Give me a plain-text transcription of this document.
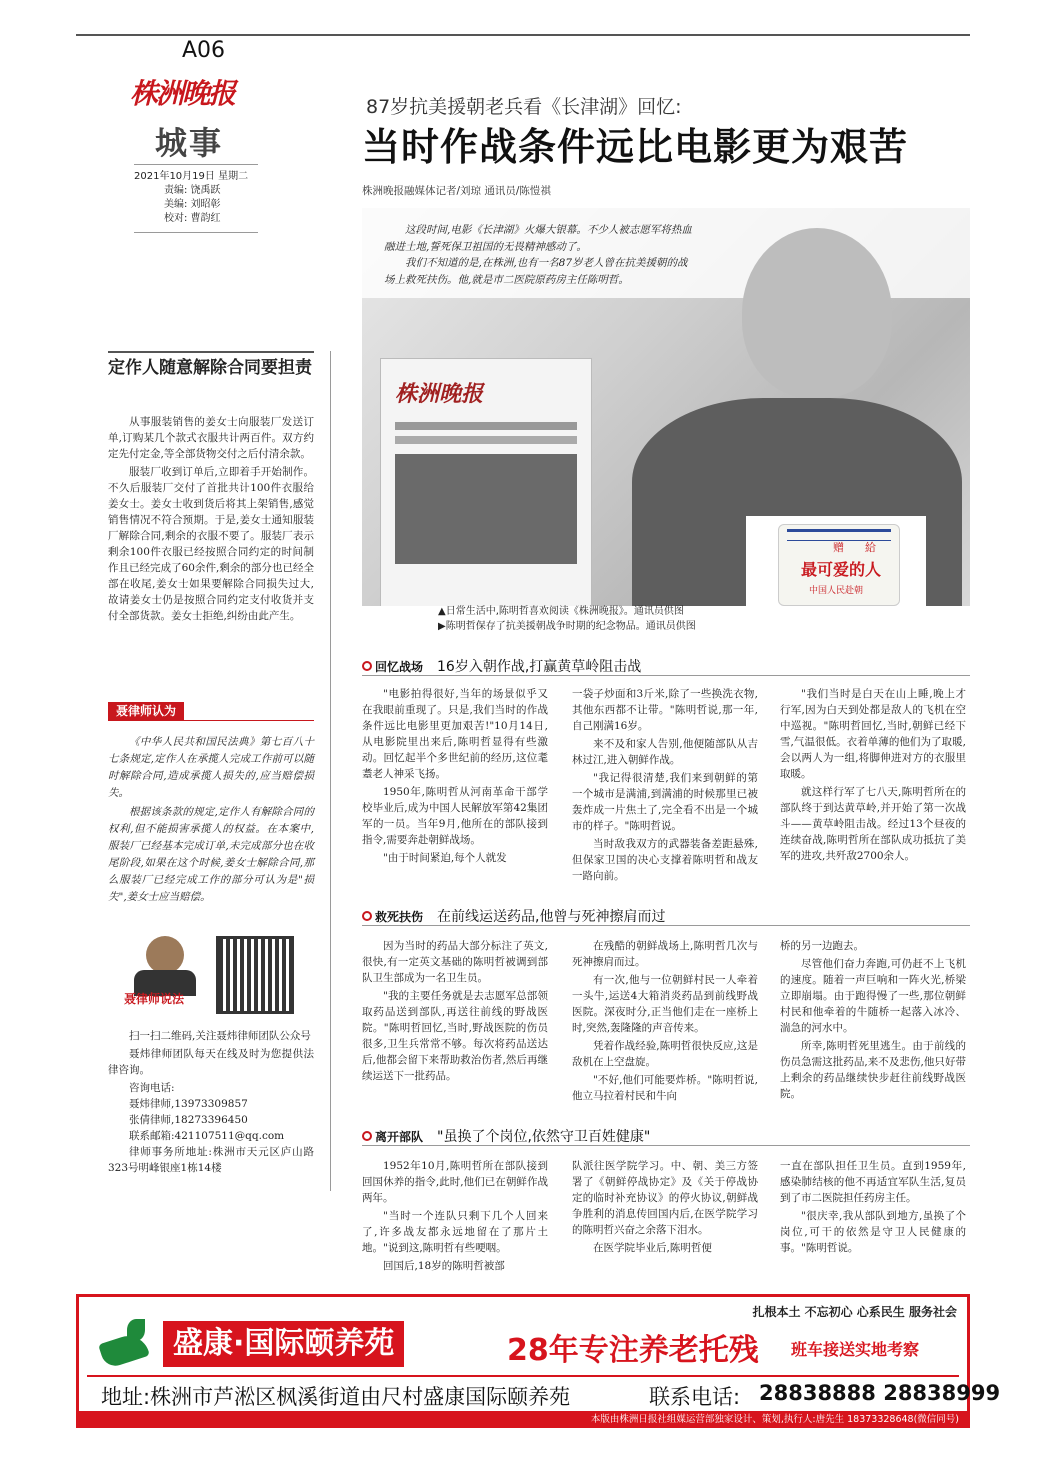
A06
株洲晚报
城事
2021年10月19日 星期二
责编: 饶禹跃
美编: 刘昭彰
校对: 曹韵红
87岁抗美援朝老兵看《长津湖》回忆:
当时作战条件远比电影更为艰苦
株洲晚报融媒体记者/刘琼 通讯员/陈愷祺
株洲晚报
赠 給
最可爱的人
中国人民赴朝

这段时间,电影《长津湖》火爆大银幕。不少人被志愿军将热血融进土地,誓死保卫祖国的无畏精神感动了。

我们不知道的是,在株洲,也有一名87岁老人曾在抗美援朝的战场上救死扶伤。他,就是市二医院原药房主任陈明哲。

▲日常生活中,陈明哲喜欢阅读《株洲晚报》。通讯员供图
▶陈明哲保存了抗美援朝战争时期的纪念物品。通讯员供图
定作人随意解除合同要担责

从事服装销售的姜女士向服装厂发送订单,订购某几个款式衣服共计两百件。双方约定先付定金,等全部货物交付之后付清余款。

服装厂收到订单后,立即着手开始制作。不久后服装厂交付了首批共计100件衣服给姜女士。姜女士收到货后将其上架销售,感觉销售情况不符合预期。于是,姜女士通知服装厂解除合同,剩余的衣服不要了。服装厂表示剩余100件衣服已经按照合同约定的时间制作且已经完成了60余件,剩余的部分也已经全部在收尾,姜女士如果要解除合同损失过大,故请姜女士仍是按照合同约定支付收货并支付全部货款。姜女士拒绝,纠纷由此产生。

聂律师认为

《中华人民共和国民法典》第七百八十七条规定,定作人在承揽人完成工作前可以随时解除合同,造成承揽人损失的,应当赔偿损失。

根据该条款的规定,定作人有解除合同的权利,但不能损害承揽人的权益。在本案中,服装厂已经基本完成订单,未完成部分也在收尾阶段,如果在这个时候,姜女士解除合同,那么服装厂已经完成工作的部分可认为是"损失",姜女士应当赔偿。

聂律师说法

扫一扫二维码,关注聂炜律师团队公众号

聂炜律师团队每天在线及时为您提供法律咨询。

咨询电话:

聂炜律师,13973309857

张倩律师,18273396450

联系邮箱:421107511@qq.com

律师事务所地址:株洲市天元区庐山路323号明峰银座1栋14楼

回忆战场 16岁入朝作战,打赢黄草岭阻击战

"电影拍得很好,当年的场景似乎又在我眼前重现了。只是,我们当时的作战条件远比电影里更加艰苦!"10月14日,从电影院里出来后,陈明哲显得有些激动。回忆起半个多世纪前的经历,这位耄耋老人神采飞扬。

1950年,陈明哲从河南革命干部学校毕业后,成为中国人民解放军第42集团军的一员。当年9月,他所在的部队接到指令,需要奔赴朝鲜战场。

"由于时间紧迫,每个人就发

一袋子炒面和3斤米,除了一些换洗衣物,其他东西都不让带。"陈明哲说,那一年,自己刚满16岁。

来不及和家人告别,他便随部队从吉林过江,进入朝鲜作战。

"我记得很清楚,我们来到朝鲜的第一个城市是满浦,到满浦的时候那里已被轰炸成一片焦土了,完全看不出是一个城市的样子。"陈明哲说。

当时敌我双方的武器装备差距悬殊,但保家卫国的决心支撑着陈明哲和战友一路向前。

"我们当时是白天在山上睡,晚上才行军,因为白天到处都是敌人的飞机在空中巡视。"陈明哲回忆,当时,朝鲜已经下雪,气温很低。衣着单薄的他们为了取暖,会以两人为一组,将脚伸进对方的衣服里取暖。

就这样行军了七八天,陈明哲所在的部队终于到达黄草岭,并开始了第一次战斗——黄草岭阻击战。经过13个昼夜的连续奋战,陈明哲所在部队成功抵抗了美军的进攻,共歼敌2700余人。

救死扶伤 在前线运送药品,他曾与死神擦肩而过

因为当时的药品大部分标注了英文,很快,有一定英文基础的陈明哲被调到部队卫生部成为一名卫生员。

"我的主要任务就是去志愿军总部领取药品送到部队,再送往前线的野战医院。"陈明哲回忆,当时,野战医院的伤员很多,卫生兵常常不够。每次将药品送达后,他都会留下来帮助救治伤者,然后再继续运送下一批药品。

在残酷的朝鲜战场上,陈明哲几次与死神擦肩而过。

有一次,他与一位朝鲜村民一人牵着一头牛,运送4大箱消炎药品到前线野战医院。深夜时分,正当他们走在一座桥上时,突然,轰隆隆的声音传来。

凭着作战经验,陈明哲很快反应,这是敌机在上空盘旋。

"不好,他们可能要炸桥。"陈明哲说,他立马拉着村民和牛向

桥的另一边跑去。

尽管他们奋力奔跑,可仍赶不上飞机的速度。随着一声巨响和一阵火光,桥梁立即崩塌。由于跑得慢了一些,那位朝鲜村民和他牵着的牛随桥一起落入冰冷、湍急的河水中。

所幸,陈明哲死里逃生。由于前线的伤员急需这批药品,来不及悲伤,他只好带上剩余的药品继续快步赶往前线野战医院。

离开部队 "虽换了个岗位,依然守卫百姓健康"

1952年10月,陈明哲所在部队接到回国休养的指令,此时,他们已在朝鲜作战两年。

"当时一个连队只剩下几个人回来了,许多战友都永远地留在了那片土地。"说到这,陈明哲有些哽咽。

回国后,18岁的陈明哲被部

队派往医学院学习。中、朝、美三方签署了《朝鲜停战协定》及《关于停战协定的临时补充协议》的停火协议,朝鲜战争胜利的消息传回国内后,在医学院学习的陈明哲兴奋之余落下泪水。

在医学院毕业后,陈明哲便

一直在部队担任卫生员。直到1959年,感染肺结核的他不再适宜军队生活,复员到了市二医院担任药房主任。

"很庆幸,我从部队到地方,虽换了个岗位,可干的依然是守卫人民健康的事。"陈明哲说。

扎根本土 不忘初心 心系民生 服务社会
盛康·国际颐养苑	28年专注养老托残 班车接送实地考察
地址:株洲市芦淞区枫溪街道由尺村盛康国际颐养苑	联系电话: 28838888 28838999
本版由株洲日报社组媒运营部独家设计、策划,执行人:唐先生 18373328648(微信同号)
